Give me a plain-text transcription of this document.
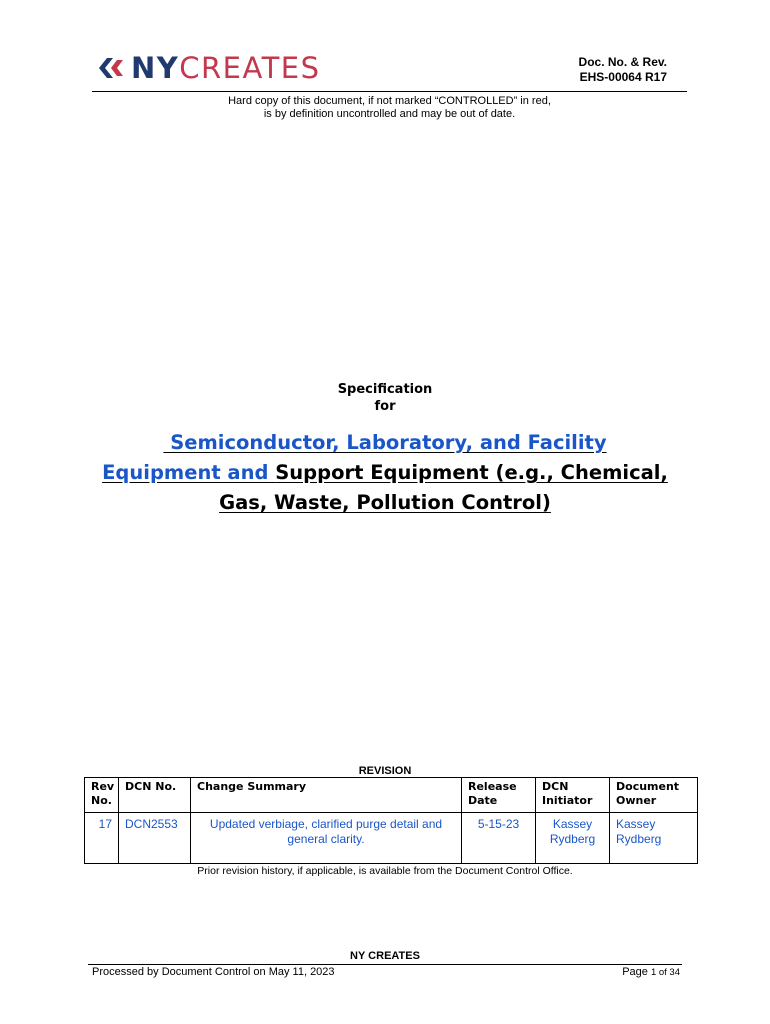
NYCREATES	Doc. No. & Rev.
EHS-00064 R17
Hard copy of this document, if not marked “CONTROLLED” in red,
is by definition uncontrolled and may be out of date.
Specification
for
Semiconductor, Laboratory, and Facility
Equipment and Support Equipment (e.g., Chemical,
Gas, Waste, Pollution Control)
REVISION
Rev No.	DCN No.	Change Summary	Release Date	DCN Initiator	Document Owner
17	DCN2553	Updated verbiage, clarified purge detail and general clarity.	5-15-23	Kassey Rydberg	Kassey Rydberg
Prior revision history, if applicable, is available from the Document Control Office.
NY CREATES
Processed by Document Control on May 11, 2023	Page 1 of 34
